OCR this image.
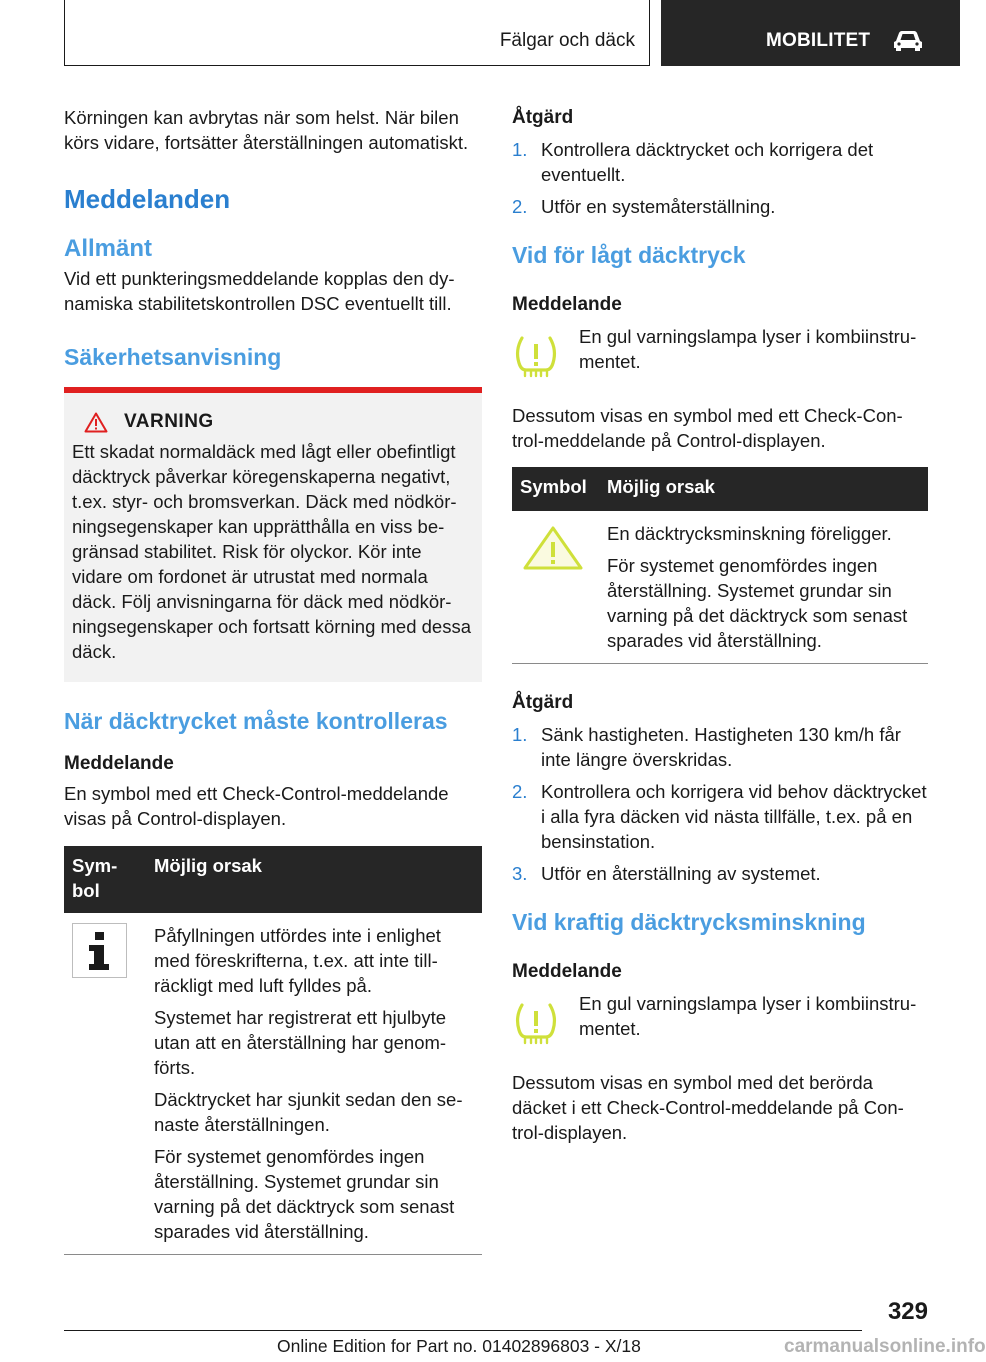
Fälgar och däck	MOBILITET

Körningen kan avbrytas när som helst. När bilen körs vidare, fortsätter återställningen automatiskt.

Meddelanden
Allmänt

Vid ett punkteringsmeddelande kopplas den dynamiska stabilitetskontrollen DSC eventuellt till.

Säkerhetsanvisning
VARNING

Ett skadat normaldäck med lågt eller obefintligt däcktryck påverkar köregenskaperna negativt, t.ex. styr- och bromsverkan. Däck med nödkörningsegenskaper kan upprätthålla en viss begränsad stabilitet. Risk för olyckor. Kör inte vidare om fordonet är utrustat med normala däck. Följ anvisningarna för däck med nödkörningsegenskaper och fortsatt körning med dessa däck.

När däcktrycket måste kontrolleras
Meddelande

En symbol med ett Check-Control-meddelande visas på Control-displayen.

Sym-
bol	Möjlig orsak

Påfyllningen utfördes inte i enlighet med föreskrifterna, t.ex. att inte tillräckligt med luft fylldes på.

Systemet har registrerat ett hjulbyte utan att en återställning har genomförts.

Däcktrycket har sjunkit sedan den senaste återställningen.

För systemet genomfördes ingen återställning. Systemet grundar sin varning på det däcktryck som senast sparades vid återställning.

Åtgärd
1. Kontrollera däcktrycket och korrigera det eventuellt.
2. Utför en systemåterställning.
Vid för lågt däcktryck
Meddelande

En gul varningslampa lyser i kombiinstrumentet.

Dessutom visas en symbol med ett Check-Control-meddelande på Control-displayen.

Symbol	Möjlig orsak

En däcktrycksminskning föreligger.

För systemet genomfördes ingen återställning. Systemet grundar sin varning på det däcktryck som senast sparades vid återställning.

Åtgärd
1. Sänk hastigheten. Hastigheten 130 km/h får inte längre överskridas.
2. Kontrollera och korrigera vid behov däcktrycket i alla fyra däcken vid nästa tillfälle, t.ex. på en bensinstation.
3. Utför en återställning av systemet.
Vid kraftig däcktrycksminskning
Meddelande

En gul varningslampa lyser i kombiinstrumentet.

Dessutom visas en symbol med det berörda däcket i ett Check-Control-meddelande på Control-displayen.

329
Online Edition for Part no. 01402896803 - X/18	carmanualsonline.info
